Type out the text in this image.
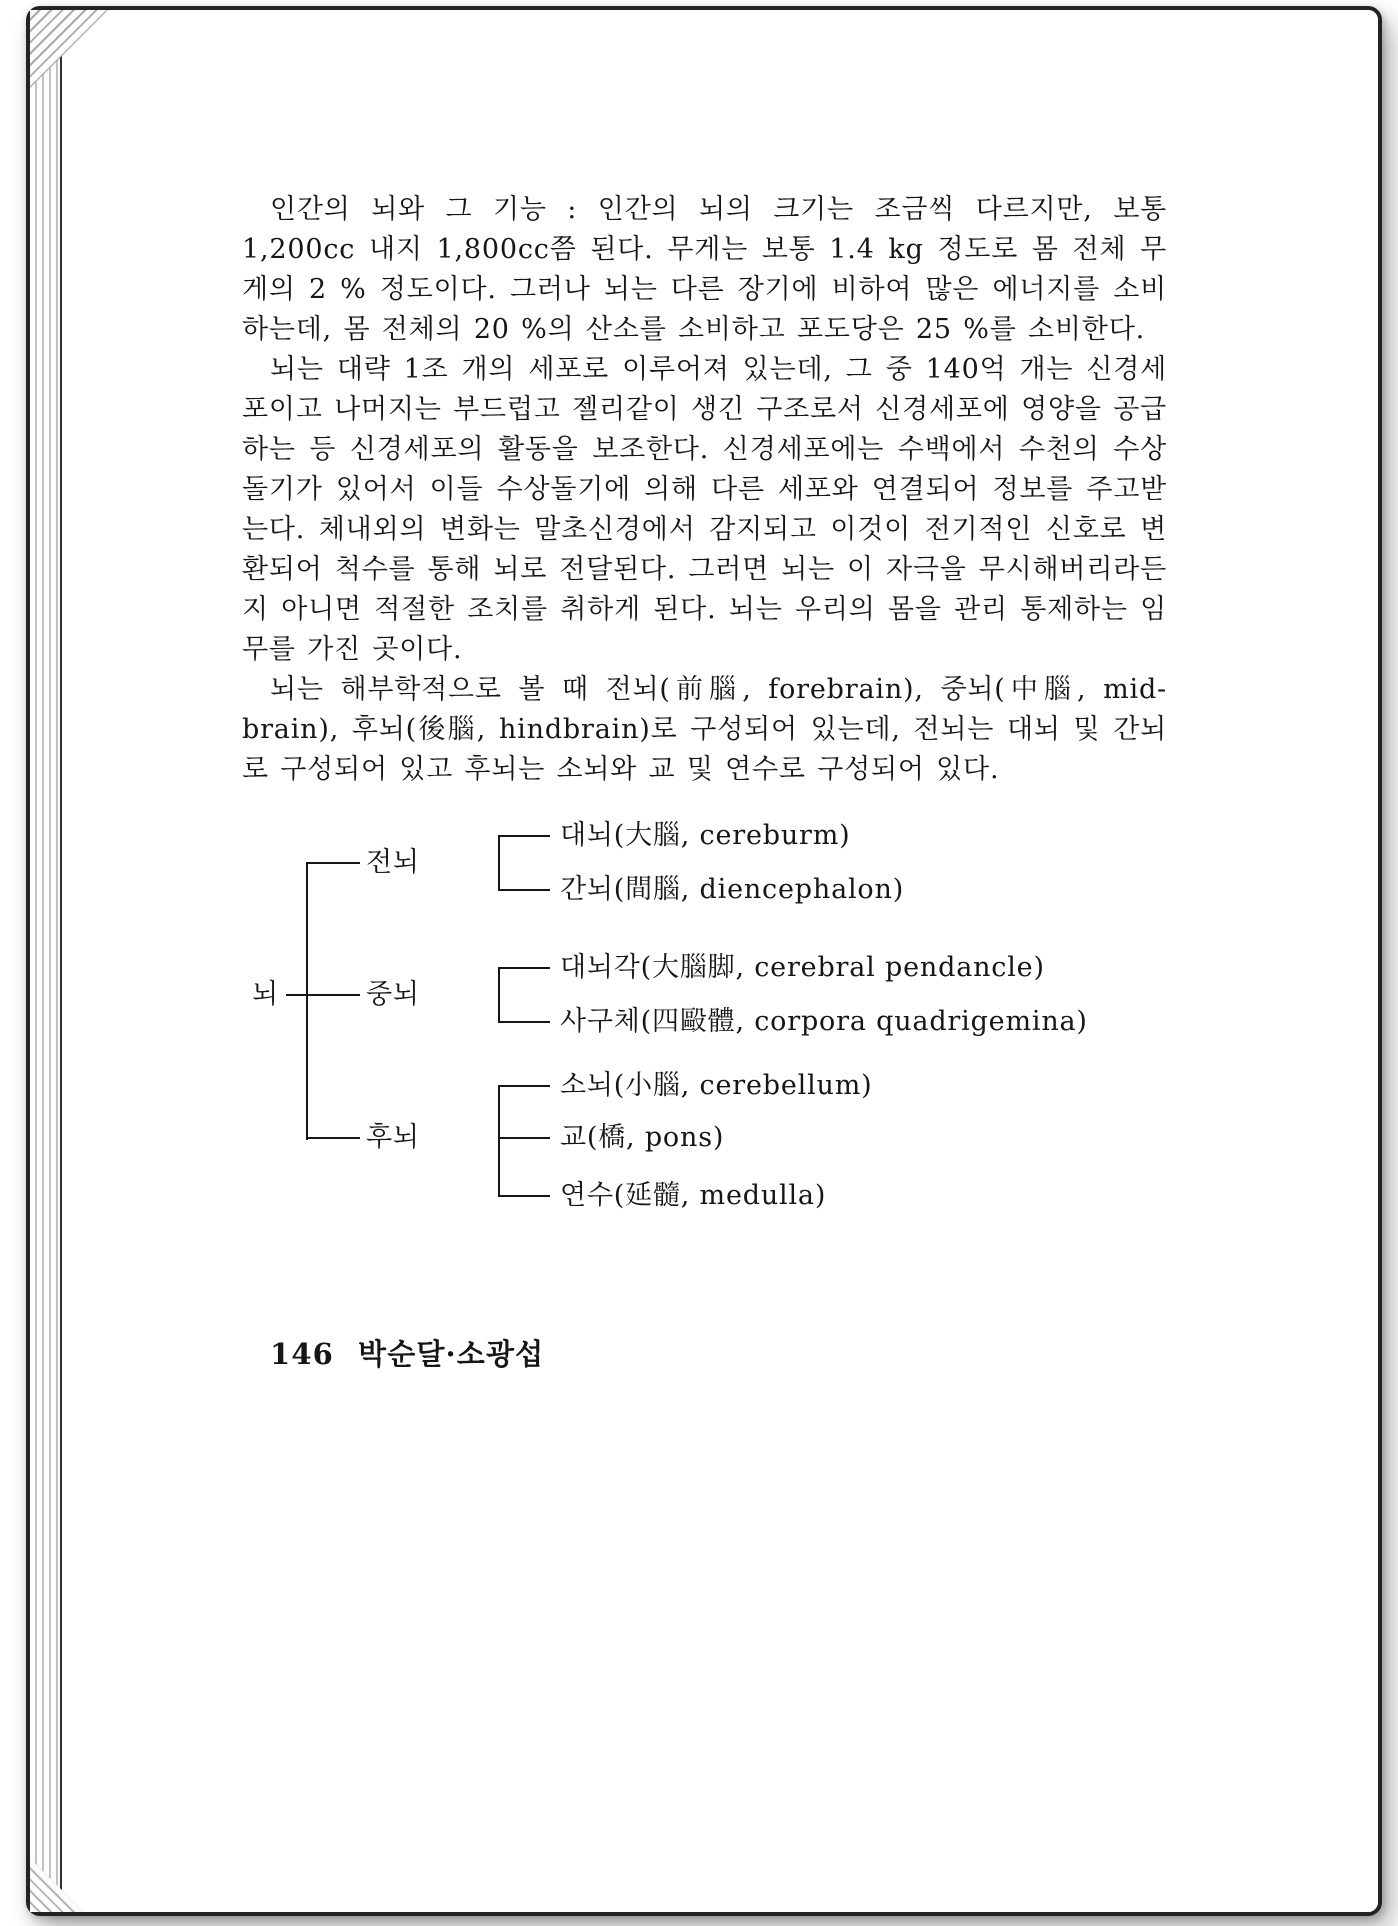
인간의 뇌와 그 기능 : 인간의 뇌의 크기는 조금씩 다르지만, 보통 1,200cc 내지 1,800cc쯤 된다. 무게는 보통 1.4 kg 정도로 몸 전체 무게의 2 % 정도이다. 그러나 뇌는 다른 장기에 비하여 많은 에너지를 소비하는데, 몸 전체의 20 %의 산소를 소비하고 포도당은 25 %를 소비한다.

뇌는 대략 1조 개의 세포로 이루어져 있는데, 그 중 140억 개는 신경세포이고 나머지는 부드럽고 젤리같이 생긴 구조로서 신경세포에 영양을 공급하는 등 신경세포의 활동을 보조한다. 신경세포에는 수백에서 수천의 수상돌기가 있어서 이들 수상돌기에 의해 다른 세포와 연결되어 정보를 주고받는다. 체내외의 변화는 말초신경에서 감지되고 이것이 전기적인 신호로 변환되어 척수를 통해 뇌로 전달된다. 그러면 뇌는 이 자극을 무시해버리라든지 아니면 적절한 조치를 취하게 된다. 뇌는 우리의 몸을 관리 통제하는 임무를 가진 곳이다.

뇌는 해부학적으로 볼 때 전뇌(前腦, forebrain), 중뇌(中腦, mid-brain), 후뇌(後腦, hindbrain)로 구성되어 있는데, 전뇌는 대뇌 및 간뇌로 구성되어 있고 후뇌는 소뇌와 교 및 연수로 구성되어 있다.

뇌
전뇌
중뇌
후뇌
대뇌(大腦, cereburm)
간뇌(間腦, diencephalon)
대뇌각(大腦脚, cerebral pendancle)
사구체(四毆體, corpora quadrigemina)
소뇌(小腦, cerebellum)
교(橋, pons)
연수(延髓, medulla)
146 박순달·소광섭
